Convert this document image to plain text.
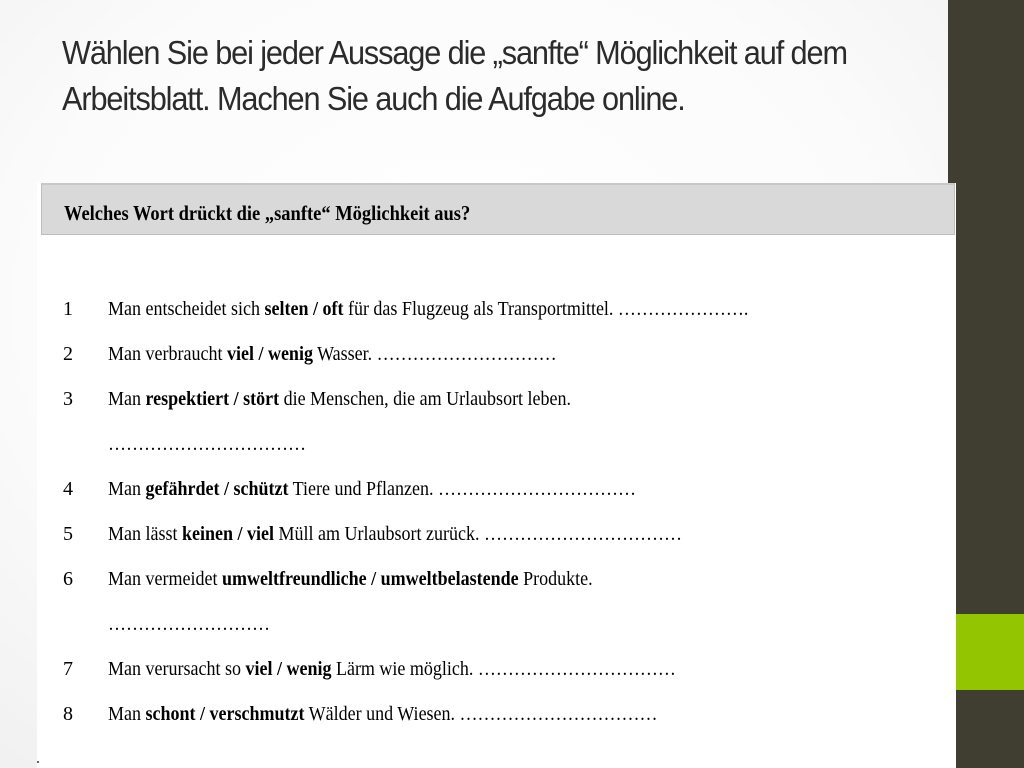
Wählen Sie bei jeder Aussage die „sanfte“ Möglichkeit auf dem Arbeitsblatt. Machen Sie auch die Aufgabe online.

Welches Wort drückt die „sanfte“ Möglichkeit aus?

1 Man entscheidet sich selten / oft für das Flugzeug als Transportmittel. ………………….
2 Man verbraucht viel / wenig Wasser. …………………………
3 Man respektiert / stört die Menschen, die am Urlaubsort leben.
……………………………
4 Man gefährdet / schützt Tiere und Pflanzen. ……………………………
5 Man lässt keinen / viel Müll am Urlaubsort zurück. ……………………………
6 Man vermeidet umweltfreundliche / umweltbelastende Produkte.
………………………
7 Man verursacht so viel / wenig Lärm wie möglich. ……………………………
8 Man schont / verschmutzt Wälder und Wiesen. ……………………………
